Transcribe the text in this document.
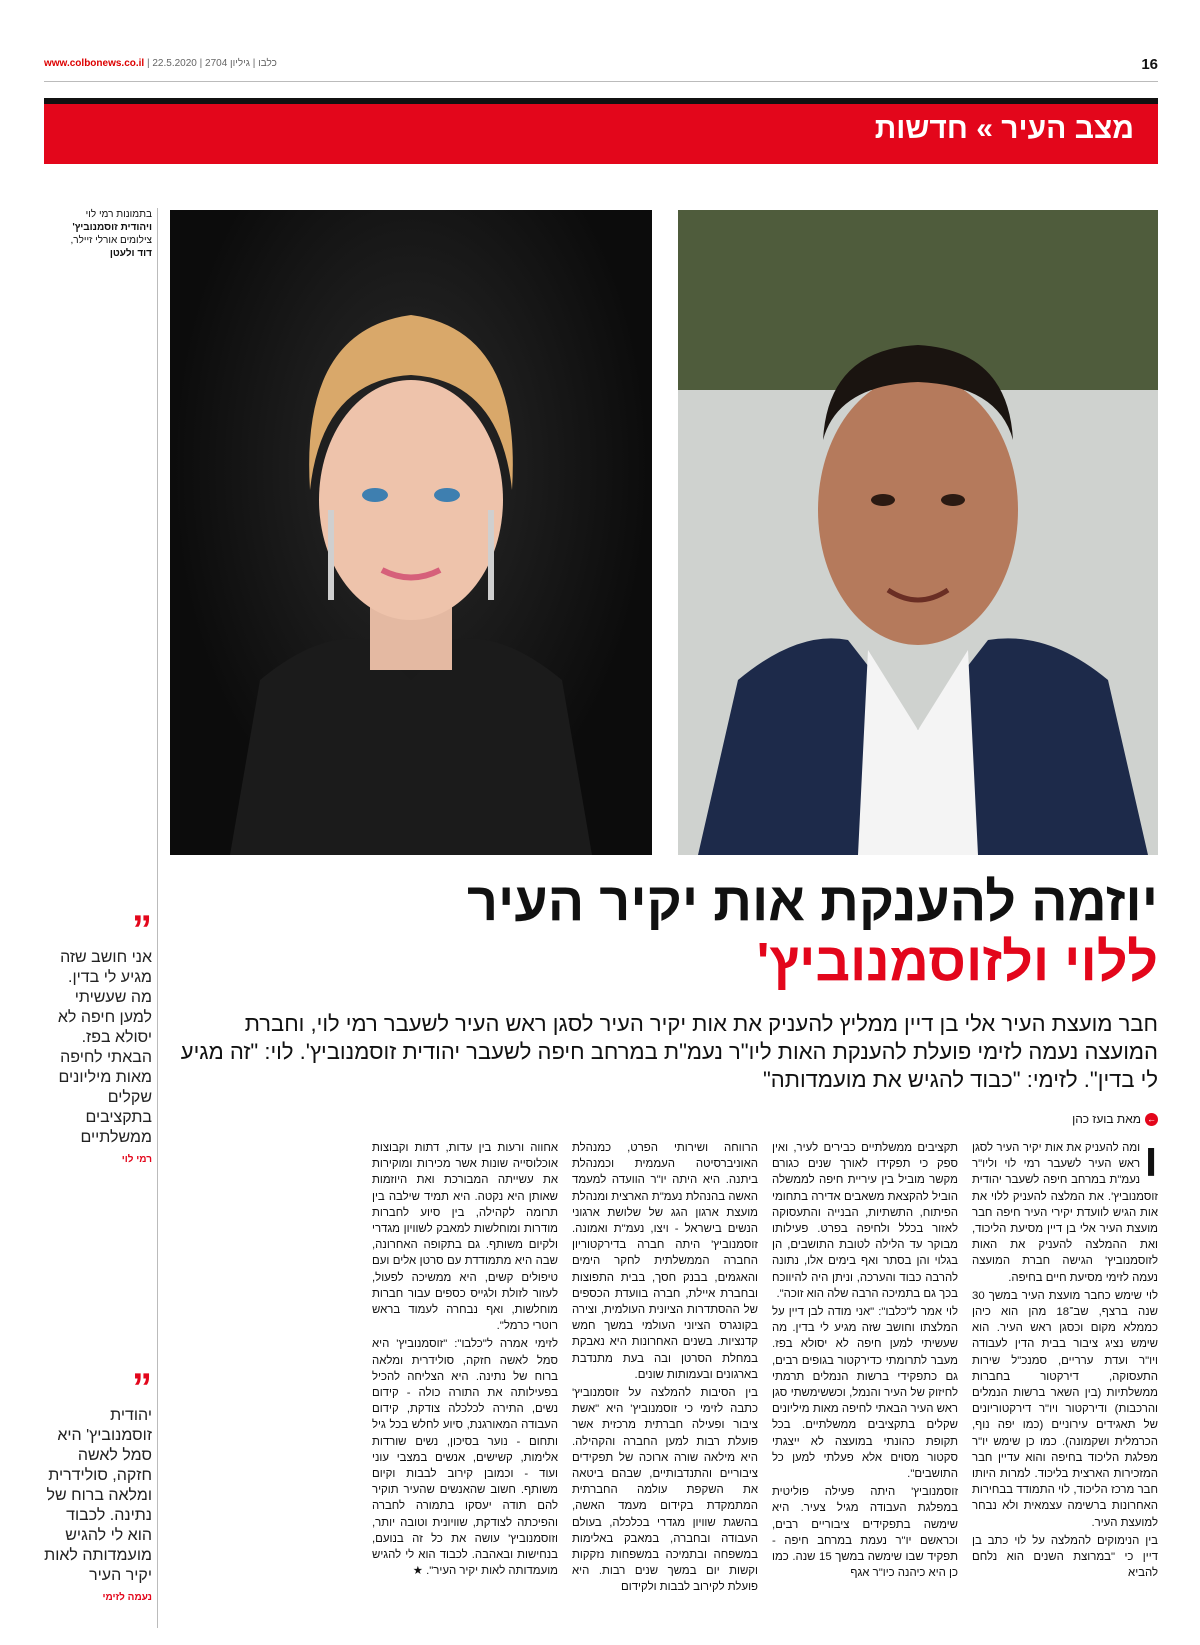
16
www.colbonews.co.il | כלבו | גיליון 2704 | 22.5.2020
מצב העיר » חדשות
בתמונות רמי לוי
ויהודית זוסמנוביץ'
צילומים אורלי זיילר,
דוד ולעטן
יוזמה להענקת אות יקיר העיר
ללוי ולזוסמנוביץ'
חבר מועצת העיר אלי בן דיין ממליץ להעניק את אות יקיר העיר לסגן ראש העיר לשעבר רמי לוי, וחברת המועצה נעמה לזימי פועלת להענקת האות ליו"ר נעמ"ת במרחב חיפה לשעבר יהודית זוסמנוביץ'. לוי: "זה מגיע לי בדין". לזימי: "כבוד להגיש את מועמדותה"
←מאת בועז כהן

ו
ומה להעניק את אות יקיר העיר לסגן ראש העיר לשעבר רמי לוי וליו"ר נעמ"ת במרחב חיפה לשעבר יהודית זוסמנוביץ'. את המלצה להעניק ללוי את אות הגיש לוועדת יקירי העיר חיפה חבר מועצת העיר אלי בן דיין מסיעת הליכוד, ואת ההמלצה להעניק את האות לזוסמנוביץ' הגישה חברת המועצה נעמה לזימי מסיעת חיים בחיפה.

לוי שימש כחבר מועצת העיר במשך 30 שנה ברצף, שב־18 מהן הוא כיהן כממלא מקום וכסגן ראש העיר. הוא שימש נציג ציבור בבית הדין לעבודה ויו"ר ועדת ערריים, סמנכ"ל שירות התעסוקה, דירקטור בחברות ממשלתיות (בין השאר ברשות הנמלים והרכבות) ודירקטור ויו"ר דירקטוריונים של תאגידים עירוניים (כמו יפה נוף, הכרמלית ושקמונה). כמו כן שימש יו"ר מפלגת הליכוד בחיפה והוא עדיין חבר המזכירות הארצית בליכוד. למרות היותו חבר מרכז הליכוד, לוי התמודד בבחירות האחרונות ברשימה עצמאית ולא נבחר למועצת העיר.

בין הנימוקים להמלצה על לוי כתב בן דיין כי "במרוצת השנים הוא נלחם להביא

תקציבים ממשלתיים כבירים לעיר, ואין ספק כי תפקידו לאורך שנים כגורם מקשר מוביל בין עיריית חיפה לממשלה הוביל להקצאת משאבים אדירה בתחומי הפיתוח, התשתיות, הבנייה והתעסוקה לאזור בכלל ולחיפה בפרט. פעילותו מבוקר עד הלילה לטובת התושבים, הן בגלוי והן בסתר ואף בימים אלו, נתונה להרבה כבוד והערכה, וניתן היה להיווכח בכך גם בתמיכה הרבה שלה הוא זוכה".

לוי אמר ל"כלבו": "אני מודה לבן דיין על המלצתו וחושב שזה מגיע לי בדין. מה שעשיתי למען חיפה לא יסולא בפז. מעבר לתרומתי כדירקטור בגופים רבים, גם כתפקידי ברשות הנמלים תרמתי לחיזוק של העיר והנמל, וכששימשתי סגן ראש העיר הבאתי לחיפה מאות מיליונים שקלים בתקציבים ממשלתיים. בכל תקופת כהונתי במועצה לא ייצגתי סקטור מסוים אלא פעלתי למען כל התושבים".

זוסמנוביץ' היתה פעילה פוליטית במפלגת העבודה מגיל צעיר. היא שימשה בתפקידים ציבוריים רבים, וכראשם יו"ר נעמת במרחב חיפה - תפקיד שבו שימשה במשך 15 שנה. כמו כן היא כיהנה כיו"ר אגף

הרווחה ושירותי הפרט, כמנהלת האוניברסיטה העממית וכמנהלת ביתנה. היא היתה יו"ר הוועדה למעמד האשה בהנהלת נעמ"ת הארצית ומנהלת מועצת ארגון הגג של שלושת ארגוני הנשים בישראל - ויצו, נעמ"ת ואמונה. זוסמנוביץ' היתה חברה בדירקטוריון החברה הממשלתית לחקר הימים והאגמים, בבנק חסך, בבית התפוצות ובחברת איילת, חברה בוועדת הכספים של ההסתדרות הציונית העולמית, וצירה בקונגרס הציוני העולמי במשך חמש קדנציות. בשנים האחרונות היא נאבקת במחלת הסרטן ובה בעת מתנדבת בארגונים ובעמותות שונים.

בין הסיבות להמלצה על זוסמנוביץ' כתבה לזימי כי זוסמנוביץ' היא "אשת ציבור ופעילה חברתית מרכזית אשר פועלת רבות למען החברה והקהילה. היא מילאה שורה ארוכה של תפקידים ציבוריים והתנדבותיים, שבהם ביטאה את השקפת עולמה החברתית המתמקדת בקידום מעמד האשה, בהשגת שוויון מגדרי בכלכלה, בעולם העבודה ובחברה, במאבק באלימות במשפחה ובתמיכה במשפחות נזקקות וקשות יום במשך שנים רבות. היא פועלת לקירוב לבבות ולקידום

אחווה ורעות בין עדות, דתות וקבוצות אוכלוסייה שונות אשר מכירות ומוקירות את עשייתה המבורכת ואת היוזמות שאותן היא נקטה. היא תמיד שילבה בין תרומה לקהילה, בין סיוע לחברות מודרות ומוחלשות למאבק לשוויון מגדרי ולקיום משותף. גם בתקופה האחרונה, שבה היא מתמודדת עם סרטן אלים ועם טיפולים קשים, היא ממשיכה לפעול, לעזור לזולת ולגייס כספים עבור חברות מוחלשות, ואף נבחרה לעמוד בראש רוטרי כרמל".

לזימי אמרה ל"כלבו": "זוסמנוביץ' היא סמל לאשה חזקה, סולידרית ומלאה ברוח של נתינה. היא הצליחה להכיל בפעילותה את התורה כולה - קידום נשים, התירה לכלכלה צודקת, קידום העבודה המאורגנת, סיוע לחלש בכל גיל ותחום - נוער בסיכון, נשים שורדות אלימות, קשישים, אנשים במצבי עוני ועוד - וכמובן קירוב לבבות וקיום משותף. חשוב שהאנשים שהעיר תוקיר להם תודה יעסקו בתמורה לחברה והפיכתה לצודקת, שוויונית וטובה יותר, וזוסמנוביץ' עושה את כל זה בנועם, בנחישות ובאהבה. לכבוד הוא לי להגיש מועמדותה לאות יקיר העיר". ★

”
אני חושב שזה מגיע לי בדין. מה שעשיתי למען חיפה לא יסולא בפז. הבאתי לחיפה מאות מיליונים שקלים בתקציבים ממשלתיים
רמי לוי
”
יהודית זוסמנוביץ' היא סמל לאשה חזקה, סולידרית ומלאה ברוח של נתינה. לכבוד הוא לי להגיש מועמדותה לאות יקיר העיר
נעמה לזימי
